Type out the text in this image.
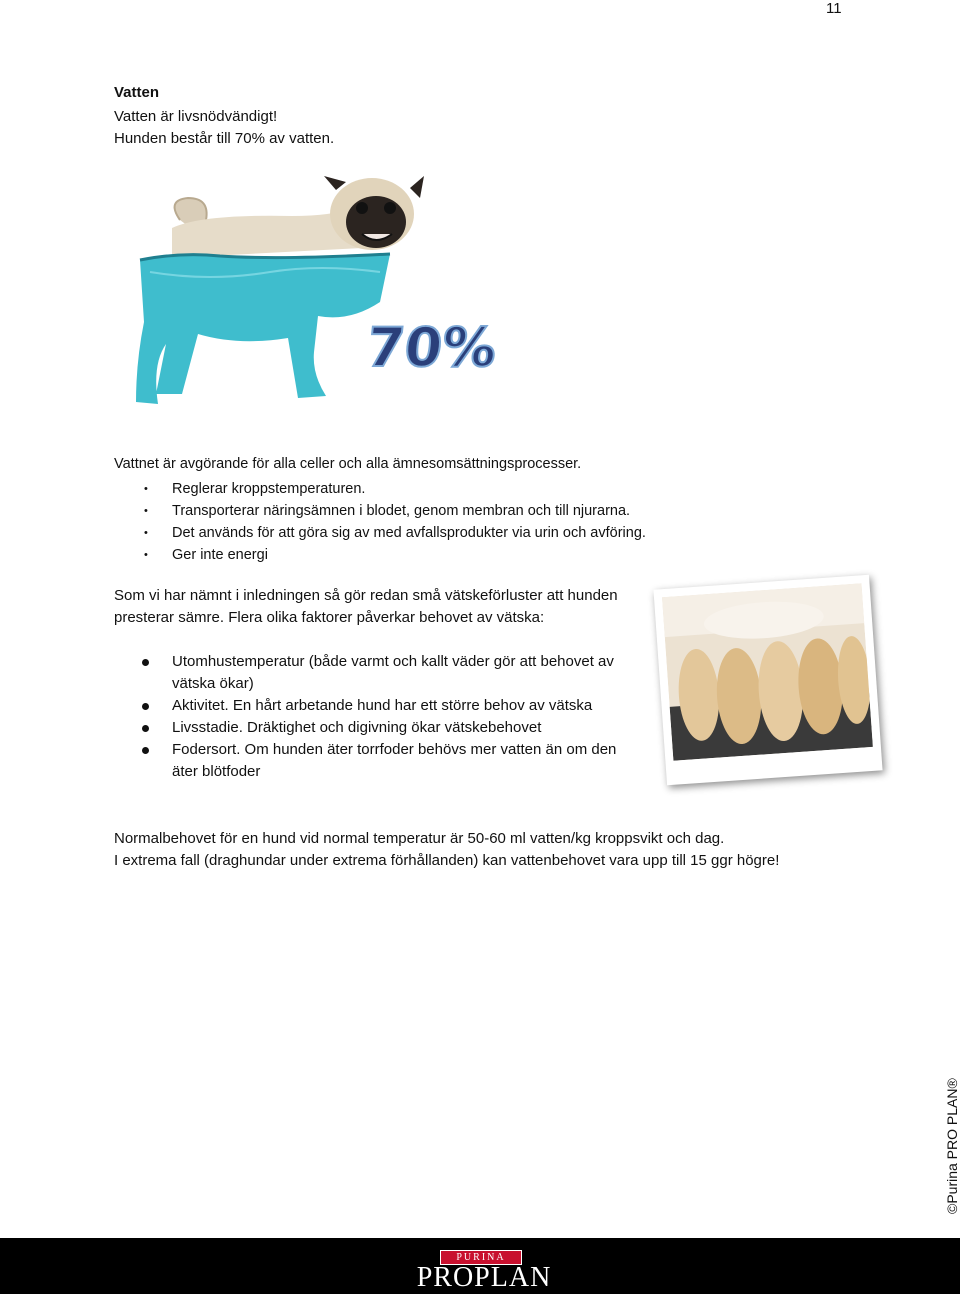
11
Vatten
Vatten är livsnödvändigt!
Hunden består till 70% av vatten.
70%
Vattnet är avgörande för alla celler och alla ämnesomsättningsprocesser.
• Reglerar kroppstemperaturen.
• Transporterar näringsämnen i blodet, genom membran och till njurarna.
• Det används för att göra sig av med avfallsprodukter via urin och avföring.
• Ger inte energi
Som vi har nämnt i inledningen så gör redan små vätskeförluster att hunden presterar sämre. Flera olika faktorer påverkar behovet av vätska:
Utomhustemperatur (både varmt och kallt väder gör att behovet av vätska ökar)
Aktivitet. En hårt arbetande hund har ett större behov av vätska
Livsstadie. Dräktighet och digivning ökar vätskebehovet
Fodersort. Om hunden äter torrfoder behövs mer vatten än om den äter blötfoder
Normalbehovet för en hund vid normal temperatur är 50-60 ml vatten/kg kroppsvikt och dag.
I extrema fall (draghundar under extrema förhållanden) kan vattenbehovet vara upp till 15 ggr högre!
©Purina PRO PLAN®
PURINA
PROPLAN
